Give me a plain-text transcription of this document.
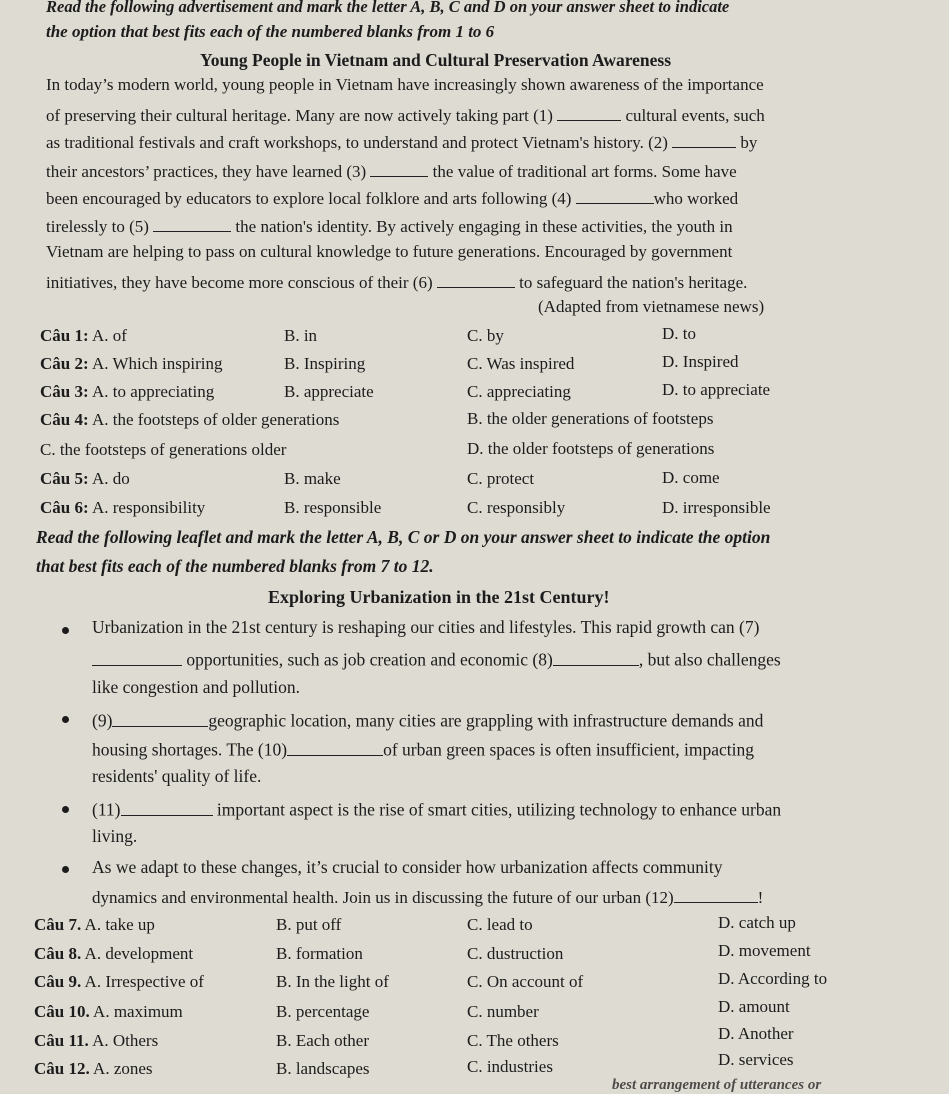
Read the following advertisement and mark the letter A, B, C and D on your answer sheet to indicate
the option that best fits each of the numbered blanks from 1 to 6
Young People in Vietnam and Cultural Preservation Awareness
In today’s modern world, young people in Vietnam have increasingly shown awareness of the importance
of preserving their cultural heritage. Many are now actively taking part (1)	cultural events, such
as traditional festivals and craft workshops, to understand and protect Vietnam's history. (2)	by
their ancestors’ practices, they have learned (3)	the value of traditional art forms. Some have
been encouraged by educators to explore local folklore and arts following (4)	who worked
tirelessly to (5)	the nation's identity. By actively engaging in these activities, the youth in
Vietnam are helping to pass on cultural knowledge to future generations. Encouraged by government
initiatives, they have become more conscious of their (6)	to safeguard the nation's heritage.
(Adapted from vietnamese news)
Câu 1: A. of	B. in	C. by	D. to
Câu 2: A. Which inspiring	B. Inspiring	C. Was inspired	D. Inspired
Câu 3: A. to appreciating	B. appreciate	C. appreciating	D. to appreciate
Câu 4: A. the footsteps of older generations	B. the older generations of footsteps
C. the footsteps of generations older	D. the older footsteps of generations
Câu 5: A. do	B. make	C. protect	D. come
Câu 6: A. responsibility	B. responsible	C. responsibly	D. irresponsible
Read the following leaflet and mark the letter A, B, C or D on your answer sheet to indicate the option
that best fits each of the numbered blanks from 7 to 12.
Exploring Urbanization in the 21st Century!
Urbanization in the 21st century is reshaping our cities and lifestyles. This rapid growth can (7)
opportunities, such as job creation and economic (8)	, but also challenges
like congestion and pollution.
(9)	geographic location, many cities are grappling with infrastructure demands and
housing shortages. The (10)	of urban green spaces is often insufficient, impacting
residents' quality of life.
(11)	important aspect is the rise of smart cities, utilizing technology to enhance urban
living.
As we adapt to these changes, it’s crucial to consider how urbanization affects community
dynamics and environmental health. Join us in discussing the future of our urban (12)	!
Câu 7. A. take up	B. put off	C. lead to	D. catch up
Câu 8. A. development	B. formation	C. dustruction	D. movement
Câu 9. A. Irrespective of	B. In the light of	C. On account of	D. According to
Câu 10. A. maximum	B. percentage	C. number	D. amount
Câu 11. A. Others	B. Each other	C. The others	D. Another
Câu 12. A. zones	B. landscapes	C. industries	D. services
best arrangement of utterances or
